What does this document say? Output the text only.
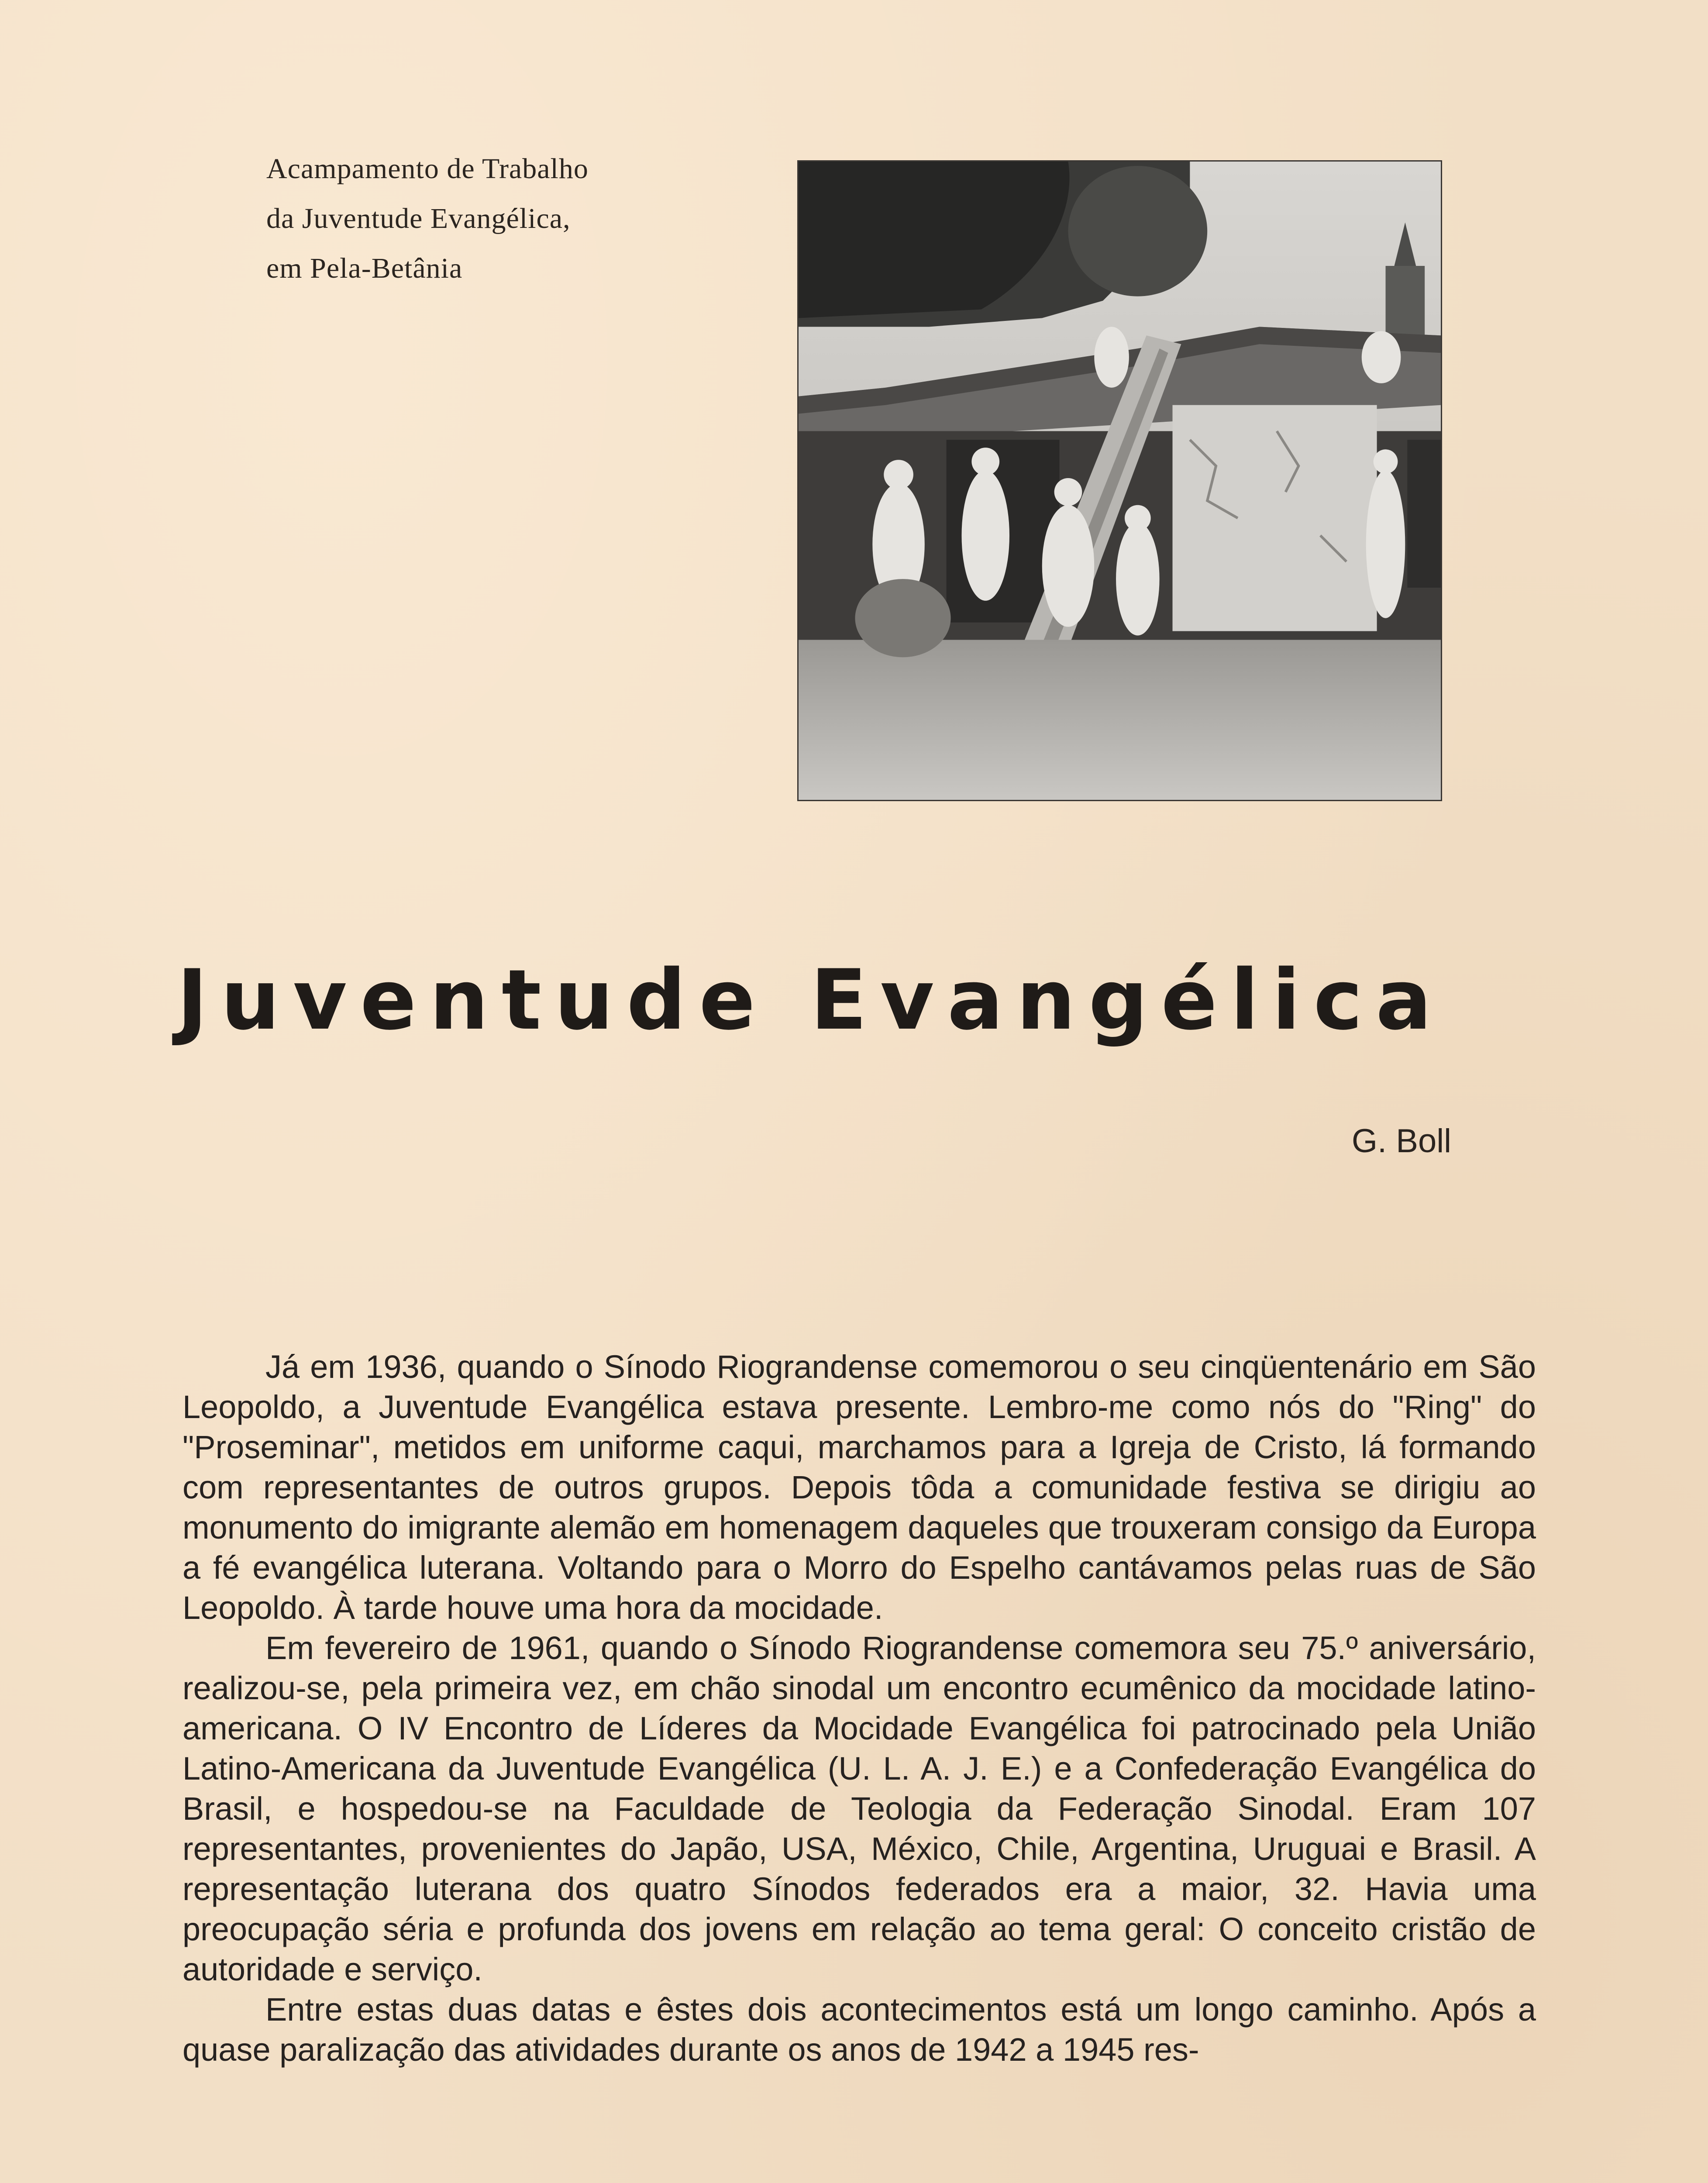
Acampamento de Trabalho
da Juventude Evangélica,
em Pela-Betânia
Juventude Evangélica
G. Boll

Já em 1936, quando o Sínodo Riograndense comemorou o seu cinqüentenário em São Leopoldo, a Juventude Evangélica estava presente. Lembro-me como nós do "Ring" do "Proseminar", metidos em uniforme caqui, marchamos para a Igreja de Cristo, lá formando com representantes de outros grupos. Depois tôda a comunidade festiva se dirigiu ao monumento do imigrante alemão em homenagem daqueles que trouxeram consigo da Europa a fé evangélica luterana. Voltando para o Morro do Espelho cantávamos pelas ruas de São Leopoldo. À tarde houve uma hora da mocidade.

Em fevereiro de 1961, quando o Sínodo Riograndense comemora seu 75.º aniversário, realizou-se, pela primeira vez, em chão sinodal um encontro ecumênico da mocidade latino-americana. O IV Encontro de Líderes da Mocidade Evangélica foi patrocinado pela União Latino-Americana da Juventude Evangélica (U. L. A. J. E.) e a Confederação Evangélica do Brasil, e hospedou-se na Faculdade de Teologia da Federação Sinodal. Eram 107 representantes, provenientes do Japão, USA, México, Chile, Argentina, Uruguai e Brasil. A representação luterana dos quatro Sínodos federados era a maior, 32. Havia uma preocupação séria e profunda dos jovens em relação ao tema geral: O conceito cristão de autoridade e serviço.

Entre estas duas datas e êstes dois acontecimentos está um longo caminho. Após a quase paralização das atividades durante os anos de 1942 a 1945 res-
